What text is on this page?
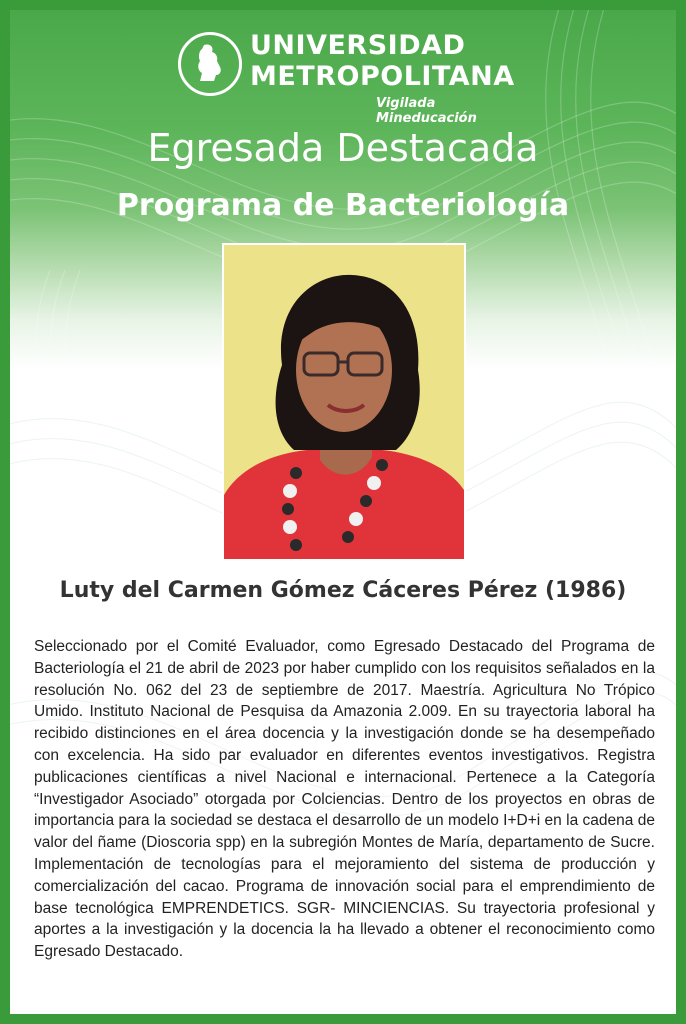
UNIVERSIDAD
METROPOLITANA
Vigilada Mineducación
Egresada Destacada
Programa de Bacteriología
Luty del Carmen Gómez Cáceres Pérez (1986)

Seleccionado por el Comité Evaluador, como Egresado Destacado del Programa de Bacteriología el 21 de abril de 2023 por haber cumplido con los requisitos señalados en la resolución No. 062 del 23 de septiembre de 2017. Maestría. Agricultura No Trópico Umido. Instituto Nacional de Pesquisa da Amazonia 2.009. En su trayectoria laboral ha recibido distinciones en el área docencia y la investigación donde se ha desempeñado con excelencia. Ha sido par evaluador en diferentes eventos investigativos. Registra publicaciones científicas a nivel Nacional e internacional. Pertenece a la Categoría “Investigador Asociado” otorgada por Colciencias. Dentro de los proyectos en obras de importancia para la sociedad se destaca el desarrollo de un modelo I+D+i en la cadena de valor del ñame (Dioscoria spp) en la subregión Montes de María, departamento de Sucre. Implementación de tecnologías para el mejoramiento del sistema de producción y comercialización del cacao. Programa de innovación social para el emprendimiento de base tecnológica EMPRENDETICS. SGR- MINCIENCIAS. Su trayectoria profesional y aportes a la investigación y la docencia la ha llevado a obtener el reconocimiento como Egresado Destacado.
